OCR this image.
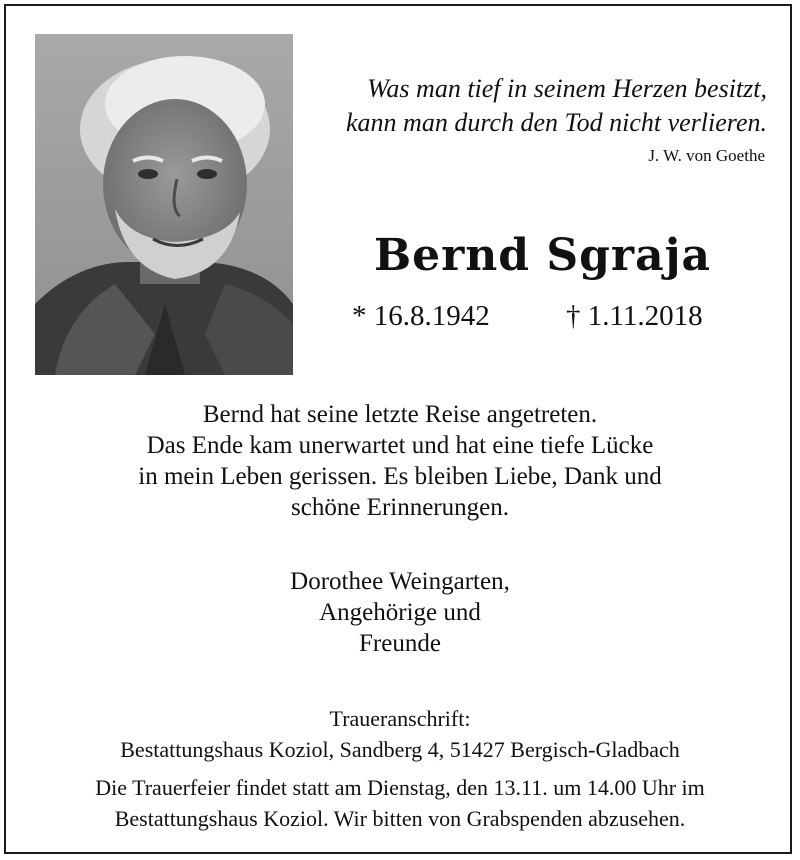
Was man tief in seinem Herzen besitzt,
kann man durch den Tod nicht verlieren.
J. W. von Goethe
Bernd Sgraja
* 16.8.1942	† 1.11.2018
Bernd hat seine letzte Reise angetreten.
Das Ende kam unerwartet und hat eine tiefe Lücke
in mein Leben gerissen. Es bleiben Liebe, Dank und
schöne Erinnerungen.
Dorothee Weingarten,
Angehörige und
Freunde
Traueranschrift:
Bestattungshaus Koziol, Sandberg 4, 51427 Bergisch-Gladbach
Die Trauerfeier findet statt am Dienstag, den 13.11. um 14.00 Uhr im
Bestattungshaus Koziol. Wir bitten von Grabspenden abzusehen.
